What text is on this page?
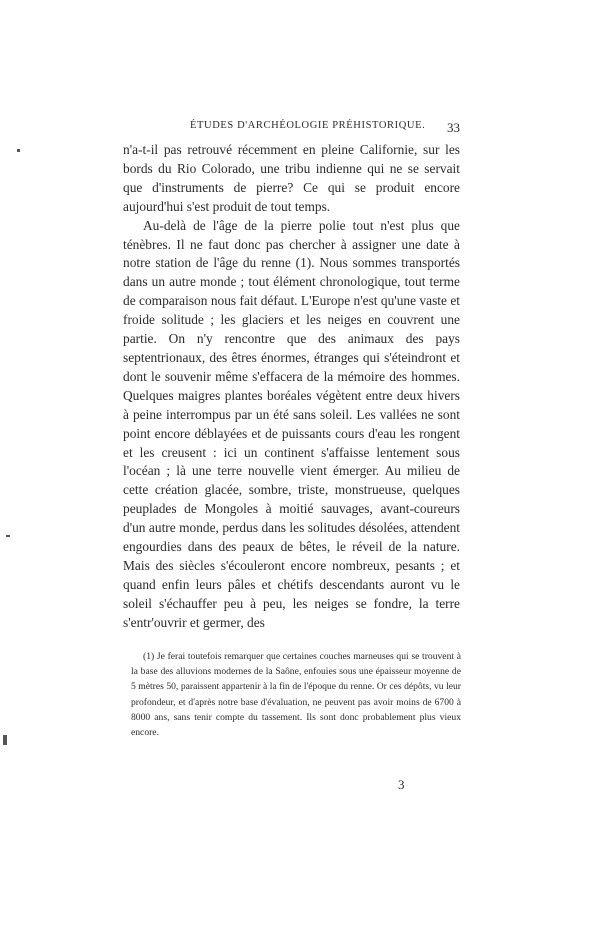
ÉTUDES D'ARCHÉOLOGIE PRÉHISTORIQUE. 33

n'a-t-il pas retrouvé récemment en pleine Californie, sur les bords du Rio Colorado, une tribu indienne qui ne se servait que d'instruments de pierre? Ce qui se produit encore aujourd'hui s'est produit de tout temps.

Au-delà de l'âge de la pierre polie tout n'est plus que ténèbres. Il ne faut donc pas chercher à assigner une date à notre station de l'âge du renne (1). Nous sommes transportés dans un autre monde ; tout élément chronologique, tout terme de comparaison nous fait défaut. L'Europe n'est qu'une vaste et froide solitude ; les glaciers et les neiges en couvrent une partie. On n'y rencontre que des animaux des pays septentrionaux, des êtres énormes, étranges qui s'éteindront et dont le souvenir même s'effacera de la mémoire des hommes. Quelques maigres plantes boréales végètent entre deux hivers à peine interrompus par un été sans soleil. Les vallées ne sont point encore déblayées et de puissants cours d'eau les rongent et les creusent : ici un continent s'affaisse lentement sous l'océan ; là une terre nouvelle vient émerger. Au milieu de cette création glacée, sombre, triste, monstrueuse, quelques peuplades de Mongoles à moitié sauvages, avant-coureurs d'un autre monde, perdus dans les solitudes désolées, attendent engourdies dans des peaux de bêtes, le réveil de la nature. Mais des siècles s'écouleront encore nombreux, pesants ; et quand enfin leurs pâles et chétifs descendants auront vu le soleil s'échauffer peu à peu, les neiges se fondre, la terre s'entr'ouvrir et germer, des

(1) Je ferai toutefois remarquer que certaines couches marneuses qui se trouvent à la base des alluvions modernes de la Saône, enfouies sous une épaisseur moyenne de 5 mètres 50, paraissent appartenir à la fin de l'époque du renne. Or ces dépôts, vu leur profondeur, et d'après notre base d'évaluation, ne peuvent pas avoir moins de 6700 à 8000 ans, sans tenir compte du tassement. Ils sont donc probablement plus vieux encore.

3
